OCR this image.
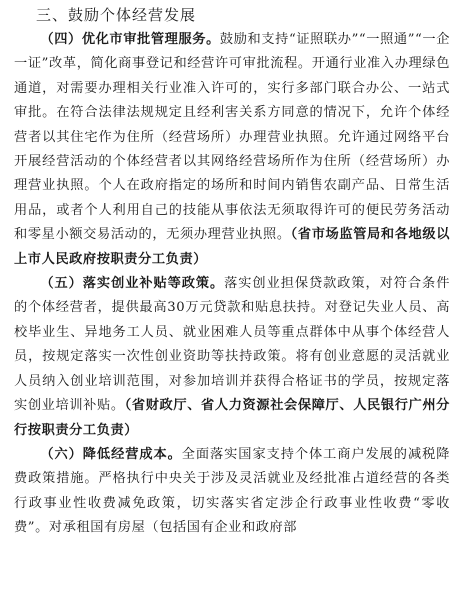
三、鼓励个体经营发展

（四）优化市审批管理服务。鼓励和支持“证照联办”“一照通”“一企一证”改革，简化商事登记和经营许可审批流程。开通行业准入办理绿色通道，对需要办理相关行业准入许可的，实行多部门联合办公、一站式审批。在符合法律法规规定且经利害关系方同意的情况下，允许个体经营者以其住宅作为住所（经营场所）办理营业执照。允许通过网络平台开展经营活动的个体经营者以其网络经营场所作为住所（经营场所）办理营业执照。个人在政府指定的场所和时间内销售农副产品、日常生活用品，或者个人利用自己的技能从事依法无须取得许可的便民劳务活动和零星小额交易活动的，无须办理营业执照。（省市场监管局和各地级以上市人民政府按职责分工负责）

（五）落实创业补贴等政策。落实创业担保贷款政策，对符合条件的个体经营者，提供最高30万元贷款和贴息扶持。对登记失业人员、高校毕业生、异地务工人员、就业困难人员等重点群体中从事个体经营人员，按规定落实一次性创业资助等扶持政策。将有创业意愿的灵活就业人员纳入创业培训范围，对参加培训并获得合格证书的学员，按规定落实创业培训补贴。（省财政厅、省人力资源社会保障厅、人民银行广州分行按职责分工负责）

（六）降低经营成本。全面落实国家支持个体工商户发展的减税降费政策措施。严格执行中央关于涉及灵活就业及经批准占道经营的各类行政事业性收费减免政策，切实落实省定涉企行政事业性收费“零收费”。对承租国有房屋（包括国有企业和政府部
